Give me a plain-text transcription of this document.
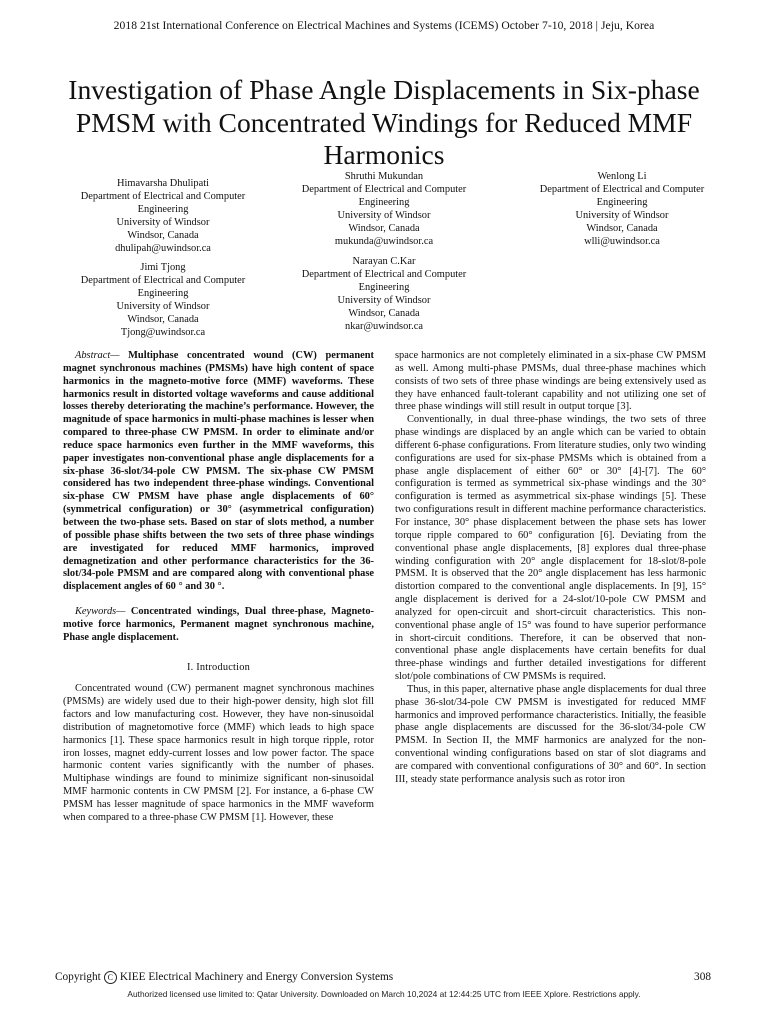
2018 21st International Conference on Electrical Machines and Systems (ICEMS) October 7-10, 2018 | Jeju, Korea
Investigation of Phase Angle Displacements in Six-phase PMSM with Concentrated Windings for Reduced MMF Harmonics
Himavarsha Dhulipati
Department of Electrical and Computer
Engineering
University of Windsor
Windsor, Canada
dhulipah@uwindsor.ca
Shruthi Mukundan
Department of Electrical and Computer
Engineering
University of Windsor
Windsor, Canada
mukunda@uwindsor.ca
Wenlong Li
Department of Electrical and Computer
Engineering
University of Windsor
Windsor, Canada
wlli@uwindsor.ca
Jimi Tjong
Department of Electrical and Computer
Engineering
University of Windsor
Windsor, Canada
Tjong@uwindsor.ca
Narayan C.Kar
Department of Electrical and Computer
Engineering
University of Windsor
Windsor, Canada
nkar@uwindsor.ca

Abstract— Multiphase concentrated wound (CW) permanent magnet synchronous machines (PMSMs) have high content of space harmonics in the magneto-motive force (MMF) waveforms. These harmonics result in distorted voltage waveforms and cause additional losses thereby deteriorating the machine’s performance. However, the magnitude of space harmonics in multi-phase machines is lesser when compared to three-phase CW PMSM. In order to eliminate and/or reduce space harmonics even further in the MMF waveforms, this paper investigates non-conventional phase angle displacements for a six-phase 36-slot/34-pole CW PMSM. The six-phase CW PMSM considered has two independent three-phase windings. Conventional six-phase CW PMSM have phase angle displacements of 60° (symmetrical configuration) or 30° (asymmetrical configuration) between the two-phase sets. Based on star of slots method, a number of possible phase shifts between the two sets of three phase windings are investigated for reduced MMF harmonics, improved demagnetization and other performance characteristics for the 36-slot/34-pole PMSM and are compared along with conventional phase displacement angles of 60 ° and 30 °.

Keywords— Concentrated windings, Dual three-phase, Magneto-motive force harmonics, Permanent magnet synchronous machine, Phase angle displacement.

I. Introduction

Concentrated wound (CW) permanent magnet synchronous machines (PMSMs) are widely used due to their high-power density, high slot fill factors and low manufacturing cost. However, they have non-sinusoidal distribution of magnetomotive force (MMF) which leads to high space harmonics [1]. These space harmonics result in high torque ripple, rotor iron losses, magnet eddy-current losses and low power factor. The space harmonic content varies significantly with the number of phases. Multiphase windings are found to minimize significant non-sinusoidal MMF harmonic contents in CW PMSM [2]. For instance, a 6-phase CW PMSM has lesser magnitude of space harmonics in the MMF waveform when compared to a three-phase CW PMSM [1]. However, these

space harmonics are not completely eliminated in a six-phase CW PMSM as well. Among multi-phase PMSMs, dual three-phase machines which consists of two sets of three phase windings are being extensively used as they have enhanced fault-tolerant capability and not utilizing one set of three phase windings will still result in output torque [3].

Conventionally, in dual three-phase windings, the two sets of three phase windings are displaced by an angle which can be varied to obtain different 6-phase configurations. From literature studies, only two winding configurations are used for six-phase PMSMs which is obtained from a phase angle displacement of either 60° or 30° [4]-[7]. The 60° configuration is termed as symmetrical six-phase windings and the 30° configuration is termed as asymmetrical six-phase windings [5]. These two configurations result in different machine performance characteristics. For instance, 30° phase displacement between the phase sets has lower torque ripple compared to 60° configuration [6]. Deviating from the conventional phase angle displacements, [8] explores dual three-phase winding configuration with 20° angle displacement for 18-slot/8-pole PMSM. It is observed that the 20° angle displacement has less harmonic distortion compared to the conventional angle displacements. In [9], 15° angle displacement is derived for a 24-slot/10-pole CW PMSM and analyzed for open-circuit and short-circuit characteristics. This non-conventional phase angle of 15° was found to have superior performance in short-circuit conditions. Therefore, it can be observed that non-conventional phase angle displacements have certain benefits for dual three-phase windings and further detailed investigations for different slot/pole combinations of CW PMSMs is required.

Thus, in this paper, alternative phase angle displacements for dual three phase 36-slot/34-pole CW PMSM is investigated for reduced MMF harmonics and improved performance characteristics. Initially, the feasible phase angle displacements are discussed for the 36-slot/34-pole CW PMSM. In Section II, the MMF harmonics are analyzed for the non-conventional winding configurations based on star of slot diagrams and are compared with conventional configurations of 30° and 60°. In section III, steady state performance analysis such as rotor iron

Copyright C KIEE Electrical Machinery and Energy Conversion Systems	308
Authorized licensed use limited to: Qatar University. Downloaded on March 10,2024 at 12:44:25 UTC from IEEE Xplore. Restrictions apply.
